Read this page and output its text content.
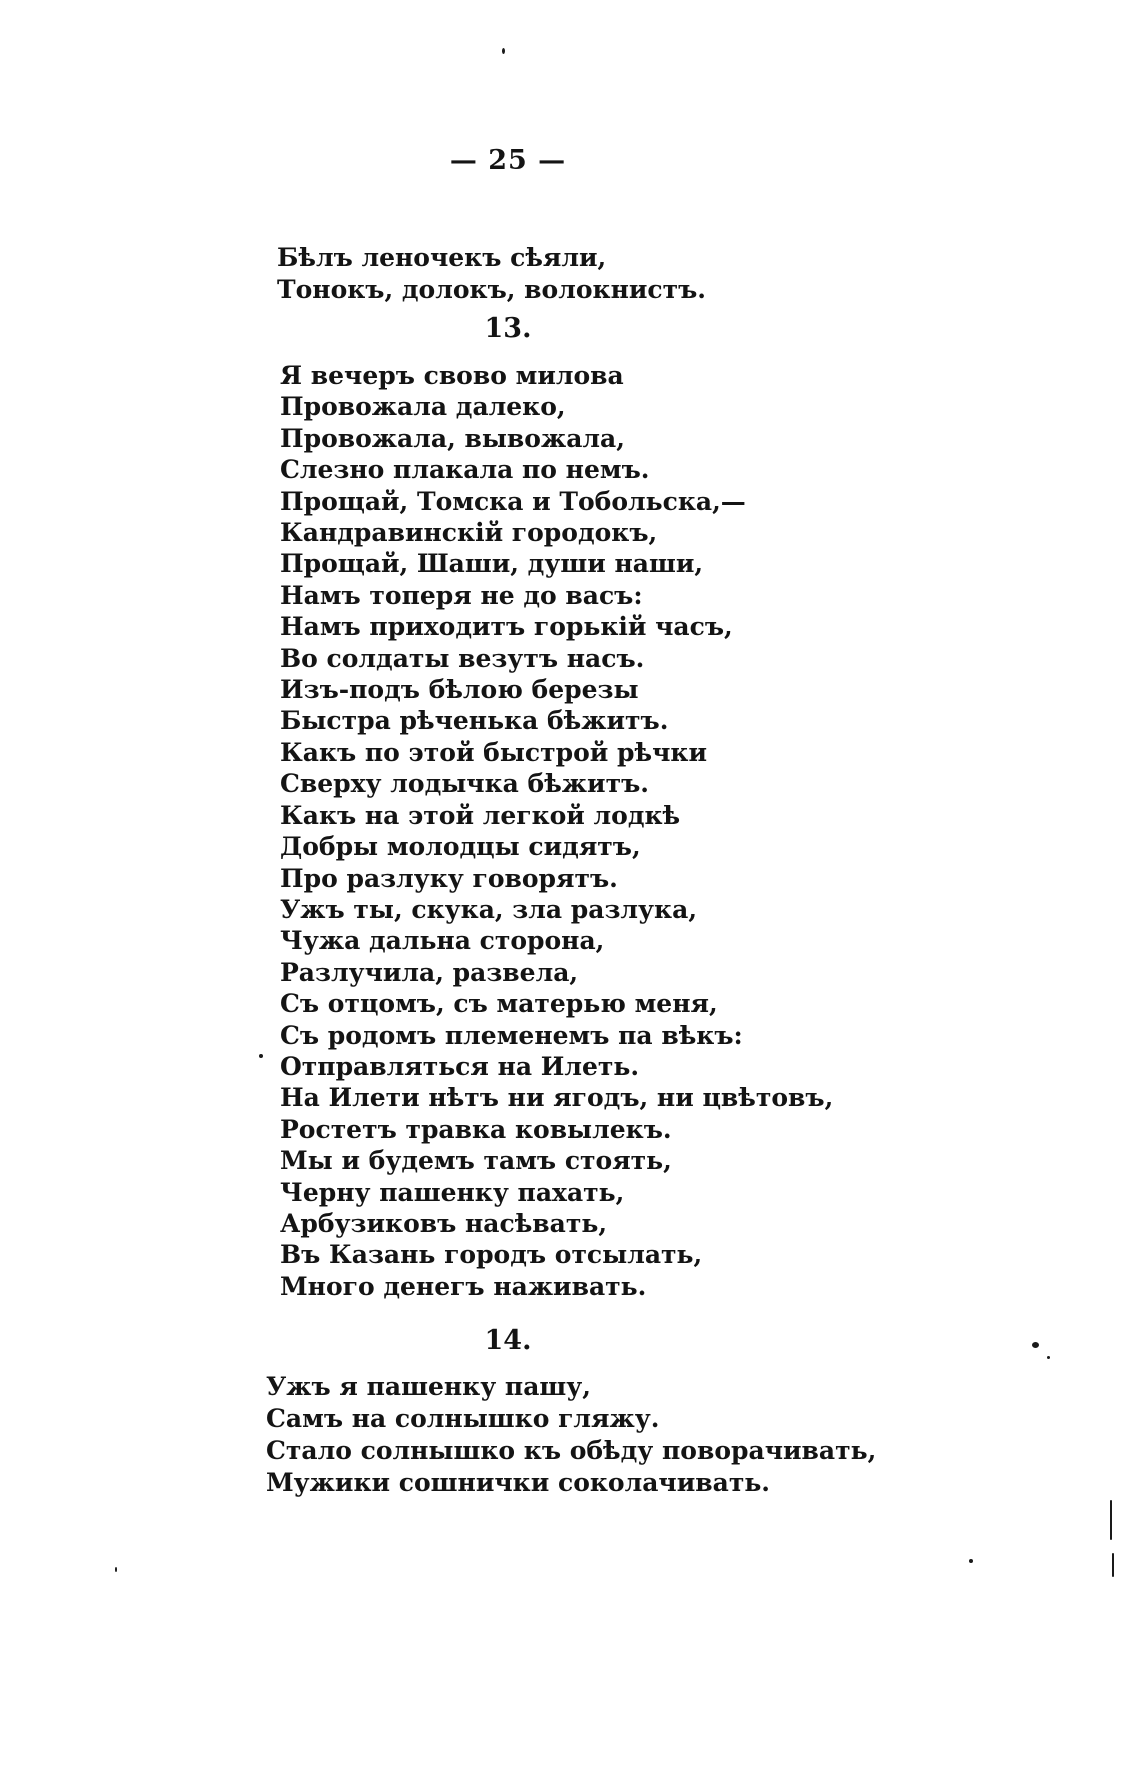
— 25 —
Бѣлъ леночекъ сѣяли,
Тонокъ, долокъ, волокнистъ.
13.
Я вечеръ свово милова
Провожала далеко,
Провожала, вывожала,
Слезно плакала по немъ.
Прощай, Томска и Тобольска,—
Кандравинскій городокъ,
Прощай, Шаши, души наши,
Намъ топеря не до васъ:
Намъ приходитъ горькій часъ,
Во солдаты везутъ насъ.
Изъ-подъ бѣлою березы
Быстра рѣченька бѣжитъ.
Какъ по этой быстрой рѣчки
Сверху лодычка бѣжитъ.
Какъ на этой легкой лодкѣ
Добры молодцы сидятъ,
Про разлуку говорятъ.
Ужъ ты, скука, зла разлука,
Чужа дальна сторона,
Разлучила, развела,
Съ отцомъ, съ матерью меня,
Съ родомъ племенемъ па вѣкъ:
Отправляться на Илеть.
На Илети нѣтъ ни ягодъ, ни цвѣтовъ,
Ростетъ травка ковылекъ.
Мы и будемъ тамъ стоять,
Черну пашенку пахать,
Арбузиковъ насѣвать,
Въ Казань городъ отсылать,
Много денегъ наживать.
14.
Ужъ я пашенку пашу,
Самъ на солнышко гляжу.
Стало солнышко къ обѣду поворачивать,
Мужики сошнички соколачивать.
